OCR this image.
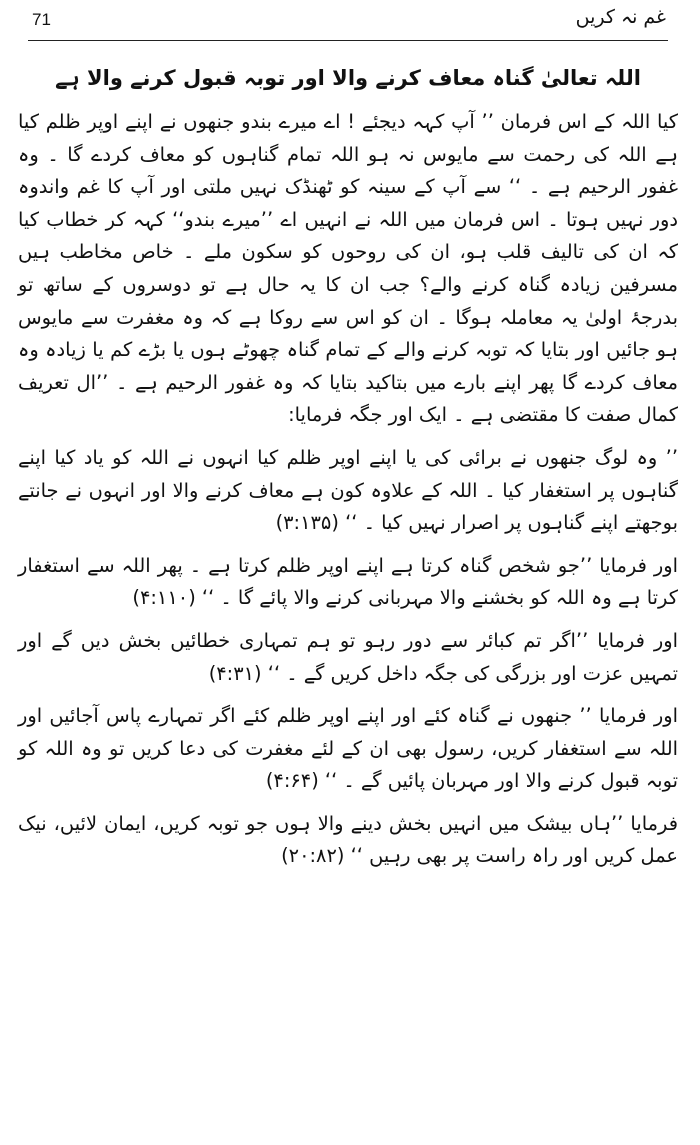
71	غم نہ کریں
اللہ تعالیٰ گناہ معاف کرنے والا اور توبہ قبول کرنے والا ہے

کیا اللہ کے اس فرمان ’’ آپ کہہ دیجئے ! اے میرے بندو جنھوں نے اپنے اوپر ظلم کیا ہے اللہ کی رحمت سے مایوس نہ ہو اللہ تمام گناہوں کو معاف کردے گا ۔ وہ غفور الرحیم ہے ۔ ‘‘ سے آپ کے سینہ کو ٹھنڈک نہیں ملتی اور آپ کا غم واندوہ دور نہیں ہوتا ۔ اس فرمان میں اللہ نے انہیں اے ’’میرے بندو‘‘ کہہ کر خطاب کیا کہ ان کی تالیف قلب ہو، ان کی روحوں کو سکون ملے ۔ خاص مخاطب ہیں مسرفین زیادہ گناہ کرنے والے؟ جب ان کا یہ حال ہے تو دوسروں کے ساتھ تو بدرجۂ اولیٰ یہ معاملہ ہوگا ۔ ان کو اس سے روکا ہے کہ وہ مغفرت سے مایوس ہو جائیں اور بتایا کہ توبہ کرنے والے کے تمام گناہ چھوٹے ہوں یا بڑے کم یا زیادہ وہ معاف کردے گا پھر اپنے بارے میں بتاکید بتایا کہ وہ غفور الرحیم ہے ۔ ’’ال تعریف کمال صفت کا مقتضی ہے ۔ ایک اور جگہ فرمایا:

’’ وہ لوگ جنھوں نے برائی کی یا اپنے اوپر ظلم کیا انہوں نے اللہ کو یاد کیا اپنے گناہوں پر استغفار کیا ۔ اللہ کے علاوہ کون ہے معاف کرنے والا اور انہوں نے جانتے بوجھتے اپنے گناہوں پر اصرار نہیں کیا ۔ ‘‘ (۳:۱۳۵)

اور فرمایا ’’جو شخص گناہ کرتا ہے اپنے اوپر ظلم کرتا ہے ۔ پھر اللہ سے استغفار کرتا ہے وہ اللہ کو بخشنے والا مہربانی کرنے والا پائے گا ۔ ‘‘ (۴:۱۱۰)

اور فرمایا ’’اگر تم کبائر سے دور رہو تو ہم تمہاری خطائیں بخش دیں گے اور تمہیں عزت اور بزرگی کی جگہ داخل کریں گے ۔ ‘‘ (۴:۳۱)

اور فرمایا ’’ جنھوں نے گناہ کئے اور اپنے اوپر ظلم کئے اگر تمہارے پاس آجائیں اور اللہ سے استغفار کریں، رسول بھی ان کے لئے مغفرت کی دعا کریں تو وہ اللہ کو توبہ قبول کرنے والا اور مہربان پائیں گے ۔ ‘‘ (۴:۶۴)

فرمایا ’’ہاں بیشک میں انہیں بخش دینے والا ہوں جو توبہ کریں، ایمان لائیں، نیک عمل کریں اور راہ راست پر بھی رہیں ‘‘ (۲۰:۸۲)
